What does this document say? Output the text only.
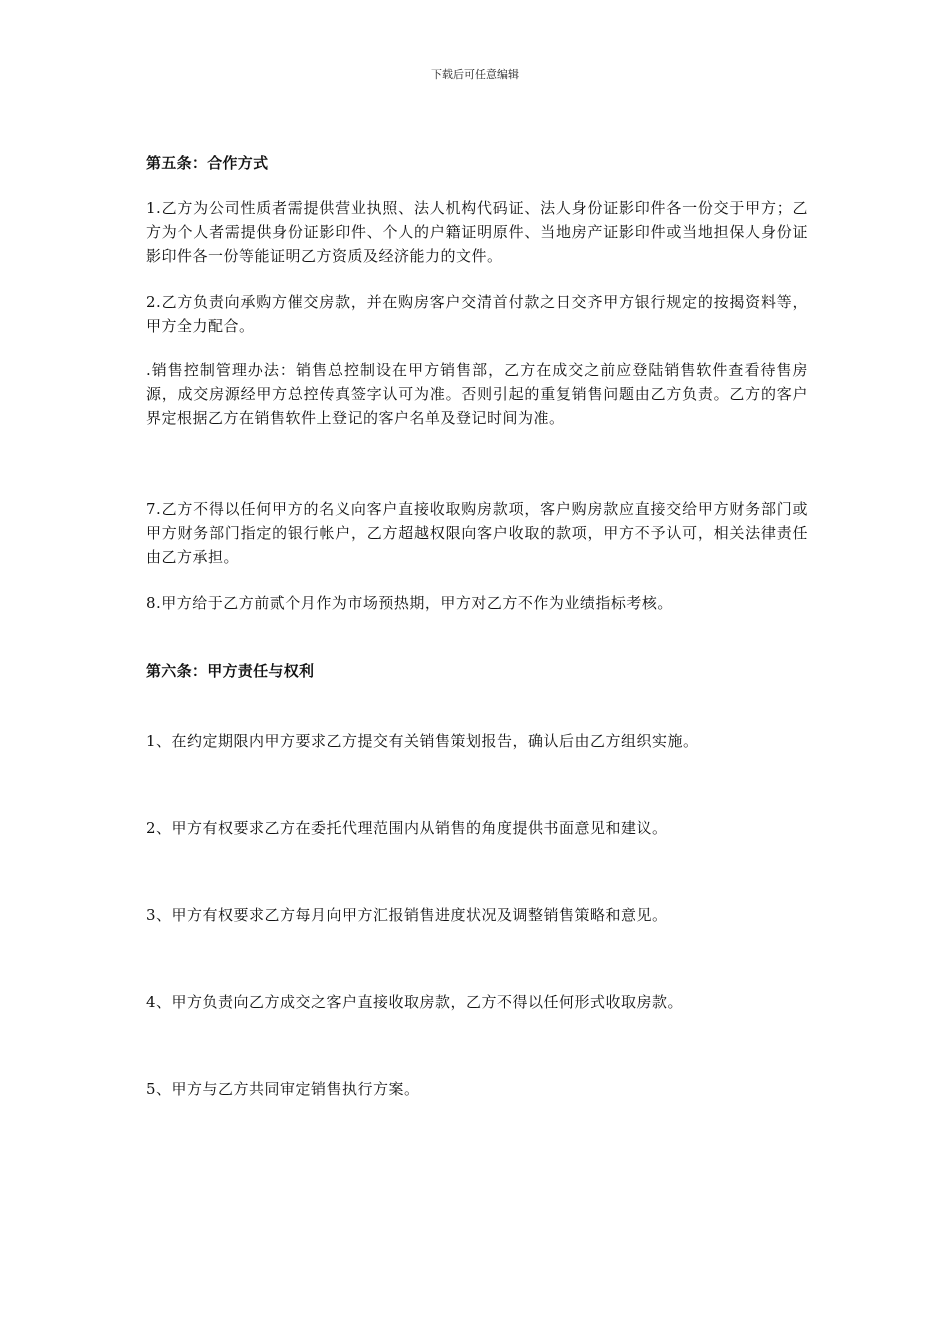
下载后可任意编辑
第五条：合作方式
1.乙方为公司性质者需提供营业执照、法人机构代码证、法人身份证影印件各一份交于甲方；乙方为个人者需提供身份证影印件、个人的户籍证明原件、当地房产证影印件或当地担保人身份证影印件各一份等能证明乙方资质及经济能力的文件。
2.乙方负责向承购方催交房款，并在购房客户交清首付款之日交齐甲方银行规定的按揭资料等，甲方全力配合。
.销售控制管理办法：销售总控制设在甲方销售部，乙方在成交之前应登陆销售软件查看待售房源，成交房源经甲方总控传真签字认可为准。否则引起的重复销售问题由乙方负责。乙方的客户界定根据乙方在销售软件上登记的客户名单及登记时间为准。
7.乙方不得以任何甲方的名义向客户直接收取购房款项，客户购房款应直接交给甲方财务部门或甲方财务部门指定的银行帐户，乙方超越权限向客户收取的款项，甲方不予认可，相关法律责任由乙方承担。
8.甲方给于乙方前贰个月作为市场预热期，甲方对乙方不作为业绩指标考核。
第六条：甲方责任与权利
1、在约定期限内甲方要求乙方提交有关销售策划报告，确认后由乙方组织实施。
2、甲方有权要求乙方在委托代理范围内从销售的角度提供书面意见和建议。
3、甲方有权要求乙方每月向甲方汇报销售进度状况及调整销售策略和意见。
4、甲方负责向乙方成交之客户直接收取房款，乙方不得以任何形式收取房款。
5、甲方与乙方共同审定销售执行方案。
